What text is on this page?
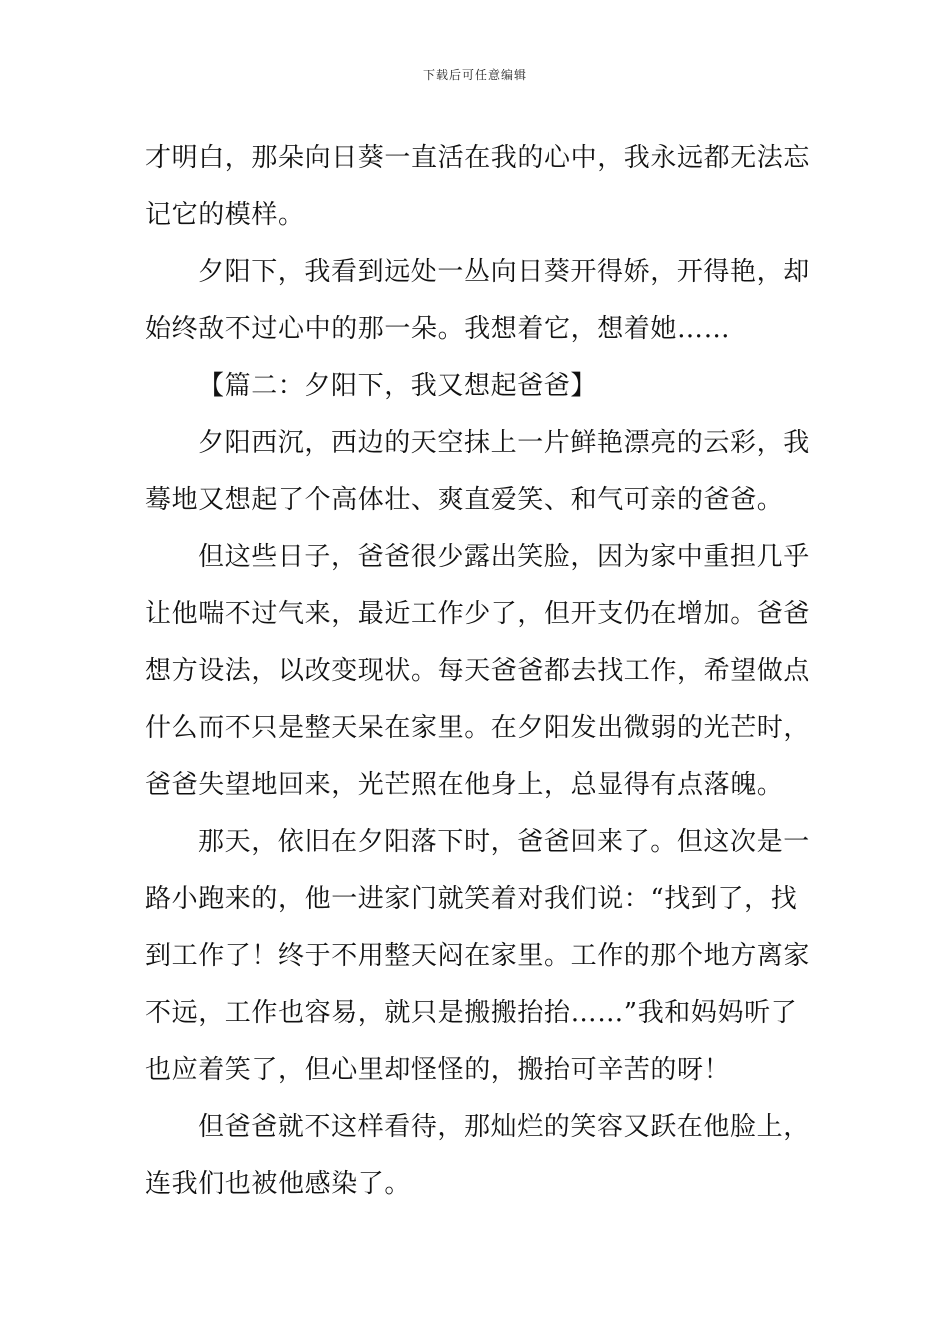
下载后可任意编辑
才明白，那朵向日葵一直活在我的心中，我永远都无法忘
记它的模样。
夕阳下，我看到远处一丛向日葵开得娇，开得艳，却
始终敌不过心中的那一朵。我想着它，想着她……
【篇二：夕阳下，我又想起爸爸】
夕阳西沉，西边的天空抹上一片鲜艳漂亮的云彩，我
蓦地又想起了个高体壮、爽直爱笑、和气可亲的爸爸。
但这些日子，爸爸很少露出笑脸，因为家中重担几乎
让他喘不过气来，最近工作少了，但开支仍在增加。爸爸
想方设法，以改变现状。每天爸爸都去找工作，希望做点
什么而不只是整天呆在家里。在夕阳发出微弱的光芒时，
爸爸失望地回来，光芒照在他身上，总显得有点落魄。
那天，依旧在夕阳落下时，爸爸回来了。但这次是一
路小跑来的，他一进家门就笑着对我们说：“找到了，找
到工作了！终于不用整天闷在家里。工作的那个地方离家
不远，工作也容易，就只是搬搬抬抬……”我和妈妈听了
也应着笑了，但心里却怪怪的，搬抬可辛苦的呀！
但爸爸就不这样看待，那灿烂的笑容又跃在他脸上，
连我们也被他感染了。
